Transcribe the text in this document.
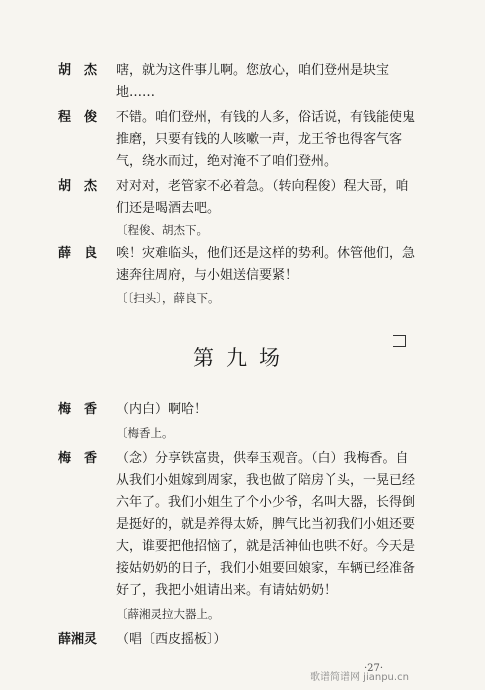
胡　杰	嗐，就为这件事儿啊。您放心，咱们登州是块宝
地……
程　俊	不错。咱们登州，有钱的人多，俗话说，有钱能使鬼
推磨，只要有钱的人咳嗽一声，龙王爷也得客气客
气，绕水而过，绝对淹不了咱们登州。
胡　杰	对对对，老管家不必着急。（转向程俊）程大哥，咱
们还是喝酒去吧。
〔程俊、胡杰下。
薛　良	唉！灾难临头，他们还是这样的势利。休管他们，急
速奔往周府，与小姐送信要紧！
〔〔扫头〕，薛良下。
第九场
梅　香	（内白）啊哈！
〔梅香上。
梅　香	（念）分享铁富贵，供奉玉观音。（白）我梅香。自
从我们小姐嫁到周家，我也做了陪房丫头，一晃已经
六年了。我们小姐生了个小少爷，名叫大器，长得倒
是挺好的，就是养得太娇，脾气比当初我们小姐还要
大，谁要把他招恼了，就是活神仙也哄不好。今天是
接姑奶奶的日子，我们小姐要回娘家，车辆已经准备
好了，我把小姐请出来。有请姑奶奶！
〔薛湘灵拉大器上。
薛湘灵	（唱〔西皮摇板〕）
·27·
歌谱简谱网 jianpu.cn
